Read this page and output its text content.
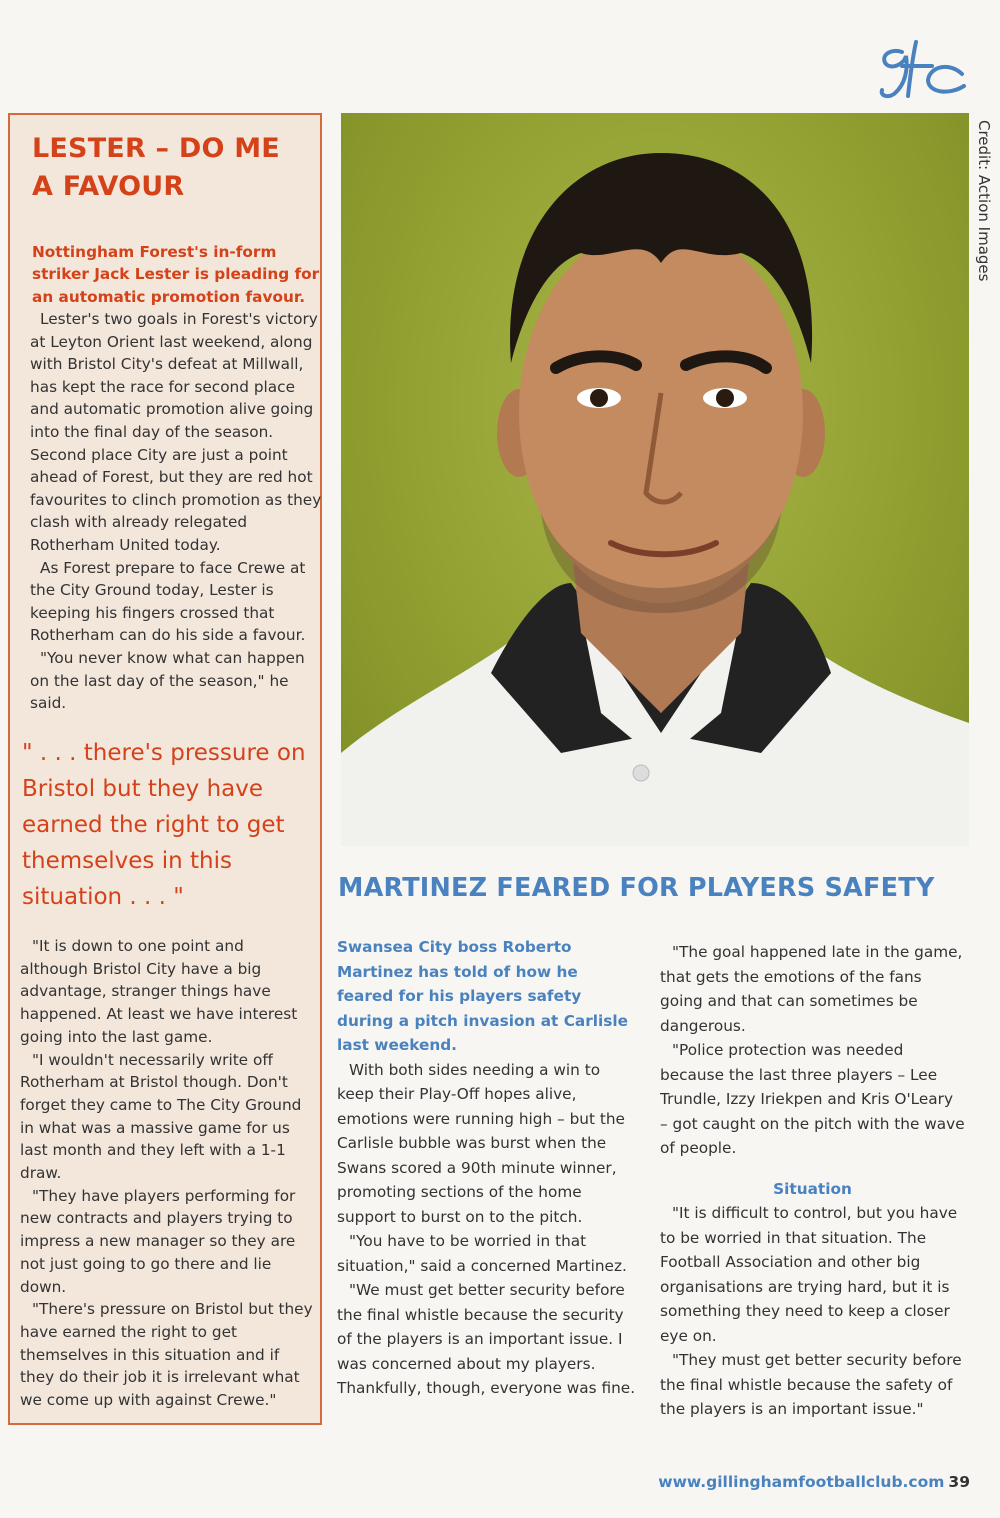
gfc
Credit: Action Images
LESTER – DO ME
A FAVOUR
Nottingham Forest's in-form striker Jack Lester is pleading for an automatic promotion favour.

Lester's two goals in Forest's victory at Leyton Orient last weekend, along with Bristol City's defeat at Millwall, has kept the race for second place and automatic promotion alive going into the final day of the season. Second place City are just a point ahead of Forest, but they are red hot favourites to clinch promotion as they clash with already relegated Rotherham United today.

As Forest prepare to face Crewe at the City Ground today, Lester is keeping his fingers crossed that Rotherham can do his side a favour.

"You never know what can happen on the last day of the season," he said.

" . . . there's pressure on Bristol but they have earned the right to get themselves in this situation . . . "

"It is down to one point and although Bristol City have a big advantage, stranger things have happened. At least we have interest going into the last game.

"I wouldn't necessarily write off Rotherham at Bristol though. Don't forget they came to The City Ground in what was a massive game for us last month and they left with a 1-1 draw.

"They have players performing for new contracts and players trying to impress a new manager so they are not just going to go there and lie down.

"There's pressure on Bristol but they have earned the right to get themselves in this situation and if they do their job it is irrelevant what we come up with against Crewe."

MARTINEZ FEARED FOR PLAYERS SAFETY

Swansea City boss Roberto Martinez has told of how he feared for his players safety during a pitch invasion at Carlisle last weekend.

With both sides needing a win to keep their Play-Off hopes alive, emotions were running high – but the Carlisle bubble was burst when the Swans scored a 90th minute winner, promoting sections of the home support to burst on to the pitch.

"You have to be worried in that situation," said a concerned Martinez.

"We must get better security before the final whistle because the security of the players is an important issue. I was concerned about my players. Thankfully, though, everyone was fine.

"The goal happened late in the game, that gets the emotions of the fans going and that can sometimes be dangerous.

"Police protection was needed because the last three players – Lee Trundle, Izzy Iriekpen and Kris O'Leary – got caught on the pitch with the wave of people.

Situation

"It is difficult to control, but you have to be worried in that situation. The Football Association and other big organisations are trying hard, but it is something they need to keep a closer eye on.

"They must get better security before the final whistle because the safety of the players is an important issue."

www.gillinghamfootballclub.com 39
